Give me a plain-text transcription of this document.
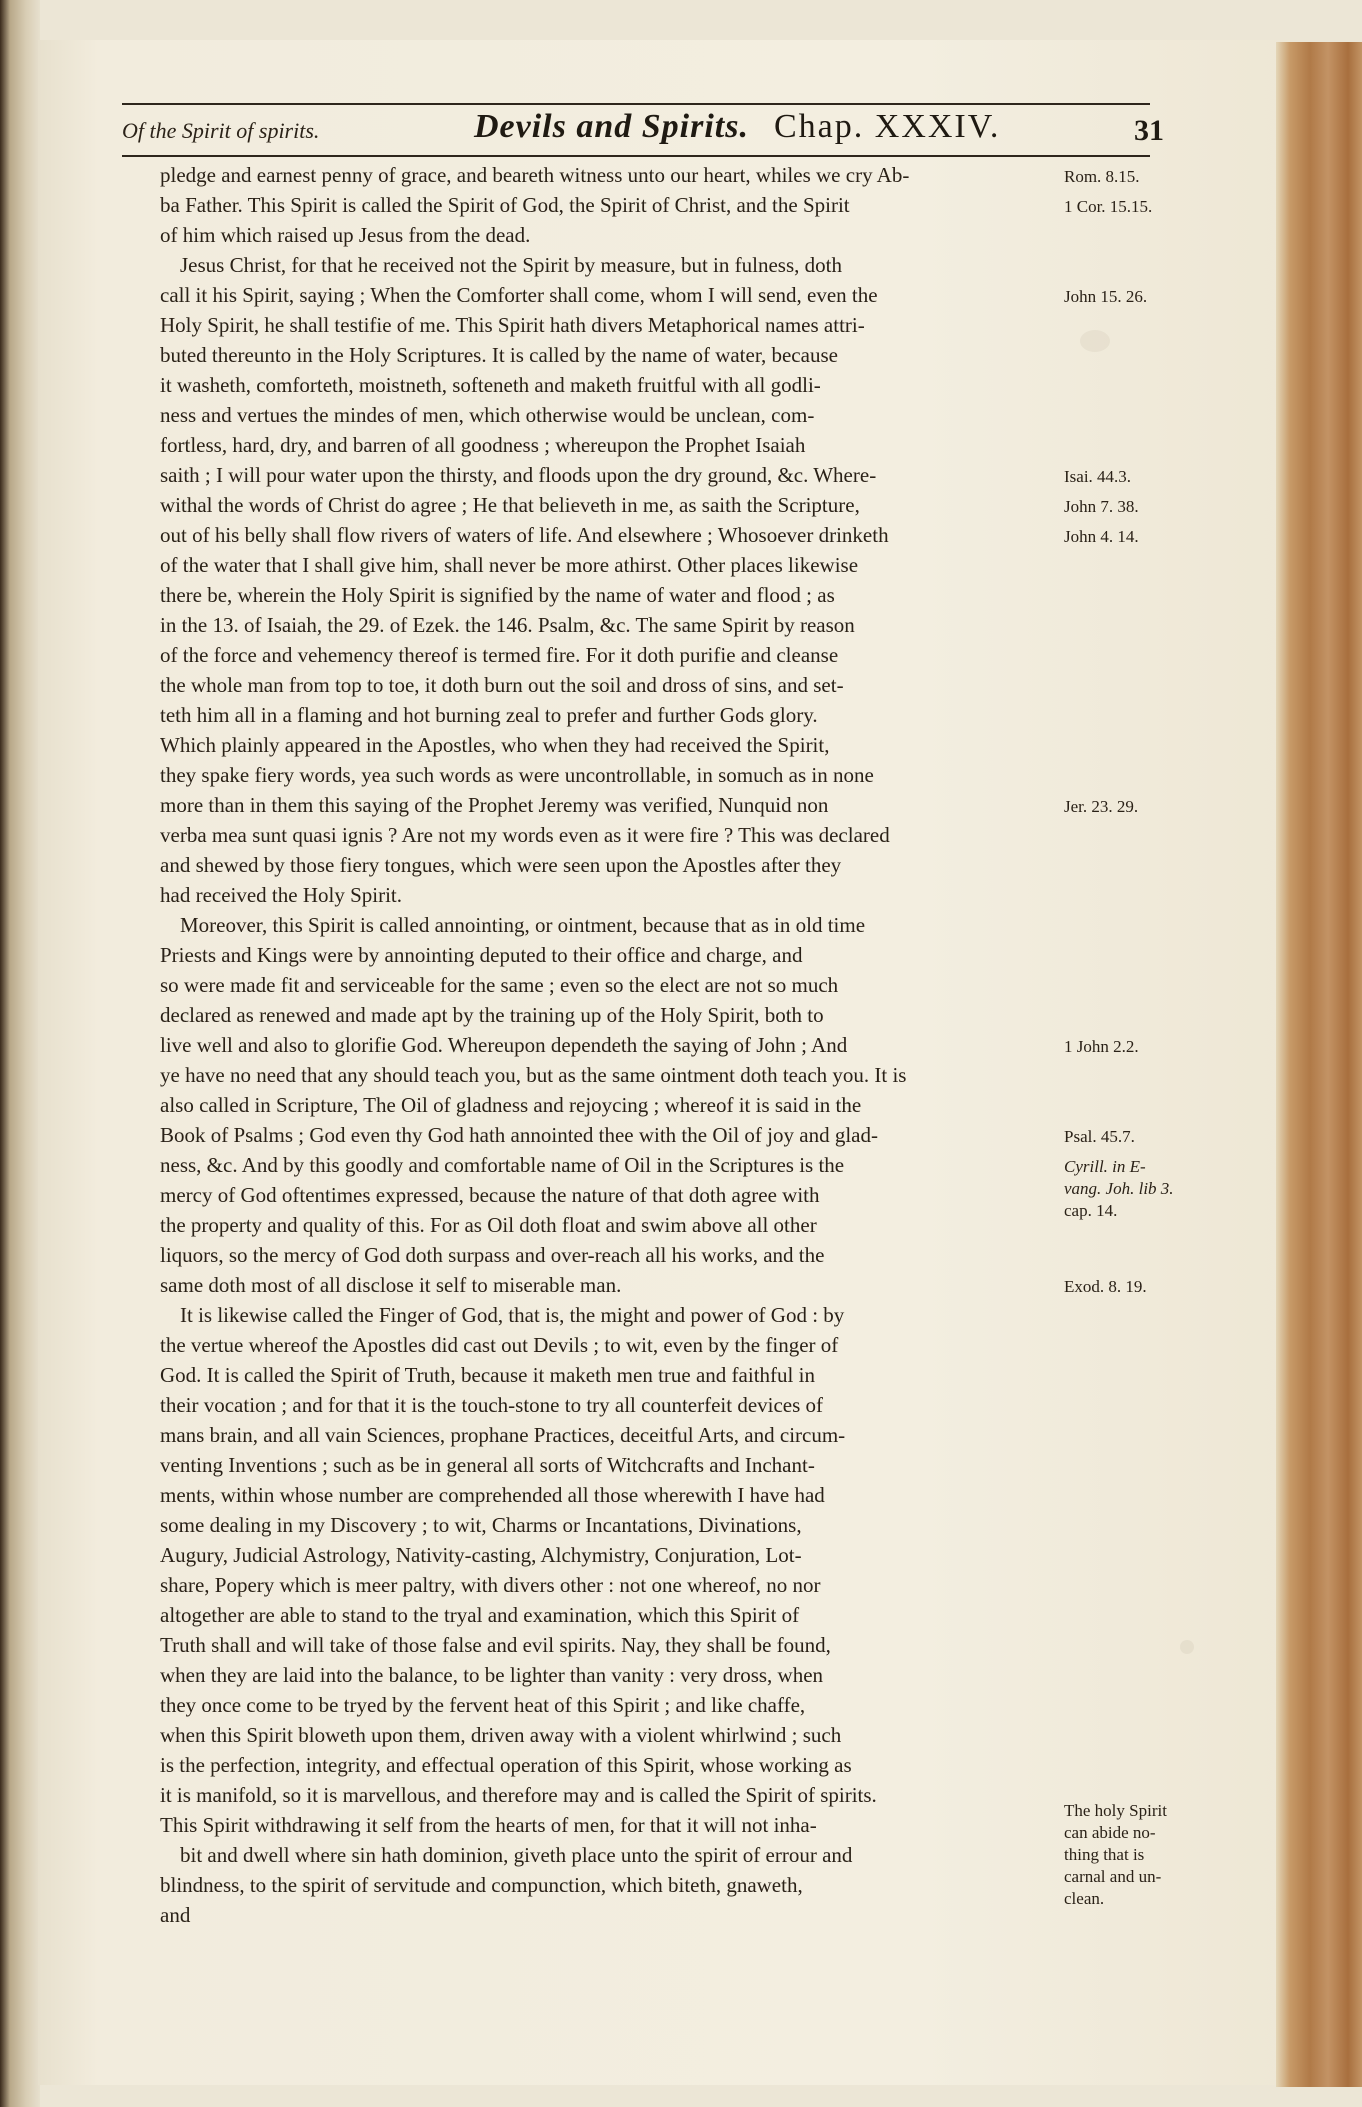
Of the Spirit of spirits.	Devils and Spirits. Chap. XXXIV.	31
pledge and earnest penny of grace, and beareth witness unto our heart, whiles we cry Ab-
ba Father. This Spirit is called the Spirit of God, the Spirit of Christ, and the Spirit
of him which raised up Jesus from the dead.
Jesus Christ, for that he received not the Spirit by measure, but in fulness, doth
call it his Spirit, saying ; When the Comforter shall come, whom I will send, even the
Holy Spirit, he shall testifie of me. This Spirit hath divers Metaphorical names attri-
buted thereunto in the Holy Scriptures. It is called by the name of water, because
it washeth, comforteth, moistneth, softeneth and maketh fruitful with all godli-
ness and vertues the mindes of men, which otherwise would be unclean, com-
fortless, hard, dry, and barren of all goodness ; whereupon the Prophet Isaiah
saith ; I will pour water upon the thirsty, and floods upon the dry ground, &c. Where-
withal the words of Christ do agree ; He that believeth in me, as saith the Scripture,
out of his belly shall flow rivers of waters of life. And elsewhere ; Whosoever drinketh
of the water that I shall give him, shall never be more athirst. Other places likewise
there be, wherein the Holy Spirit is signified by the name of water and flood ; as
in the 13. of Isaiah, the 29. of Ezek. the 146. Psalm, &c. The same Spirit by reason
of the force and vehemency thereof is termed fire. For it doth purifie and cleanse
the whole man from top to toe, it doth burn out the soil and dross of sins, and set-
teth him all in a flaming and hot burning zeal to prefer and further Gods glory.
Which plainly appeared in the Apostles, who when they had received the Spirit,
they spake fiery words, yea such words as were uncontrollable, in somuch as in none
more than in them this saying of the Prophet Jeremy was verified, Nunquid non
verba mea sunt quasi ignis ? Are not my words even as it were fire ? This was declared
and shewed by those fiery tongues, which were seen upon the Apostles after they
had received the Holy Spirit.
Moreover, this Spirit is called annointing, or ointment, because that as in old time
Priests and Kings were by annointing deputed to their office and charge, and
so were made fit and serviceable for the same ; even so the elect are not so much
declared as renewed and made apt by the training up of the Holy Spirit, both to
live well and also to glorifie God. Whereupon dependeth the saying of John ; And
ye have no need that any should teach you, but as the same ointment doth teach you. It is
also called in Scripture, The Oil of gladness and rejoycing ; whereof it is said in the
Book of Psalms ; God even thy God hath annointed thee with the Oil of joy and glad-
ness, &c. And by this goodly and comfortable name of Oil in the Scriptures is the
mercy of God oftentimes expressed, because the nature of that doth agree with
the property and quality of this. For as Oil doth float and swim above all other
liquors, so the mercy of God doth surpass and over-reach all his works, and the
same doth most of all disclose it self to miserable man.
It is likewise called the Finger of God, that is, the might and power of God : by
the vertue whereof the Apostles did cast out Devils ; to wit, even by the finger of
God. It is called the Spirit of Truth, because it maketh men true and faithful in
their vocation ; and for that it is the touch-stone to try all counterfeit devices of
mans brain, and all vain Sciences, prophane Practices, deceitful Arts, and circum-
venting Inventions ; such as be in general all sorts of Witchcrafts and Inchant-
ments, within whose number are comprehended all those wherewith I have had
some dealing in my Discovery ; to wit, Charms or Incantations, Divinations,
Augury, Judicial Astrology, Nativity-casting, Alchymistry, Conjuration, Lot-
share, Popery which is meer paltry, with divers other : not one whereof, no nor
altogether are able to stand to the tryal and examination, which this Spirit of
Truth shall and will take of those false and evil spirits. Nay, they shall be found,
when they are laid into the balance, to be lighter than vanity : very dross, when
they once come to be tryed by the fervent heat of this Spirit ; and like chaffe,
when this Spirit bloweth upon them, driven away with a violent whirlwind ; such
is the perfection, integrity, and effectual operation of this Spirit, whose working as
it is manifold, so it is marvellous, and therefore may and is called the Spirit of spirits.
This Spirit withdrawing it self from the hearts of men, for that it will not inha-
bit and dwell where sin hath dominion, giveth place unto the spirit of errour and
blindness, to the spirit of servitude and compunction, which biteth, gnaweth,
and
Rom. 8.15.
1 Cor. 15.15.
John 15. 26.
Isai. 44.3.
John 7. 38.
John 4. 14.
Jer. 23. 29.
1 John 2.2.
Psal. 45.7.
Cyrill. in E-
vang. Joh. lib 3.
cap. 14.
Exod. 8. 19.
The holy Spirit
can abide no-
thing that is
carnal and un-
clean.
